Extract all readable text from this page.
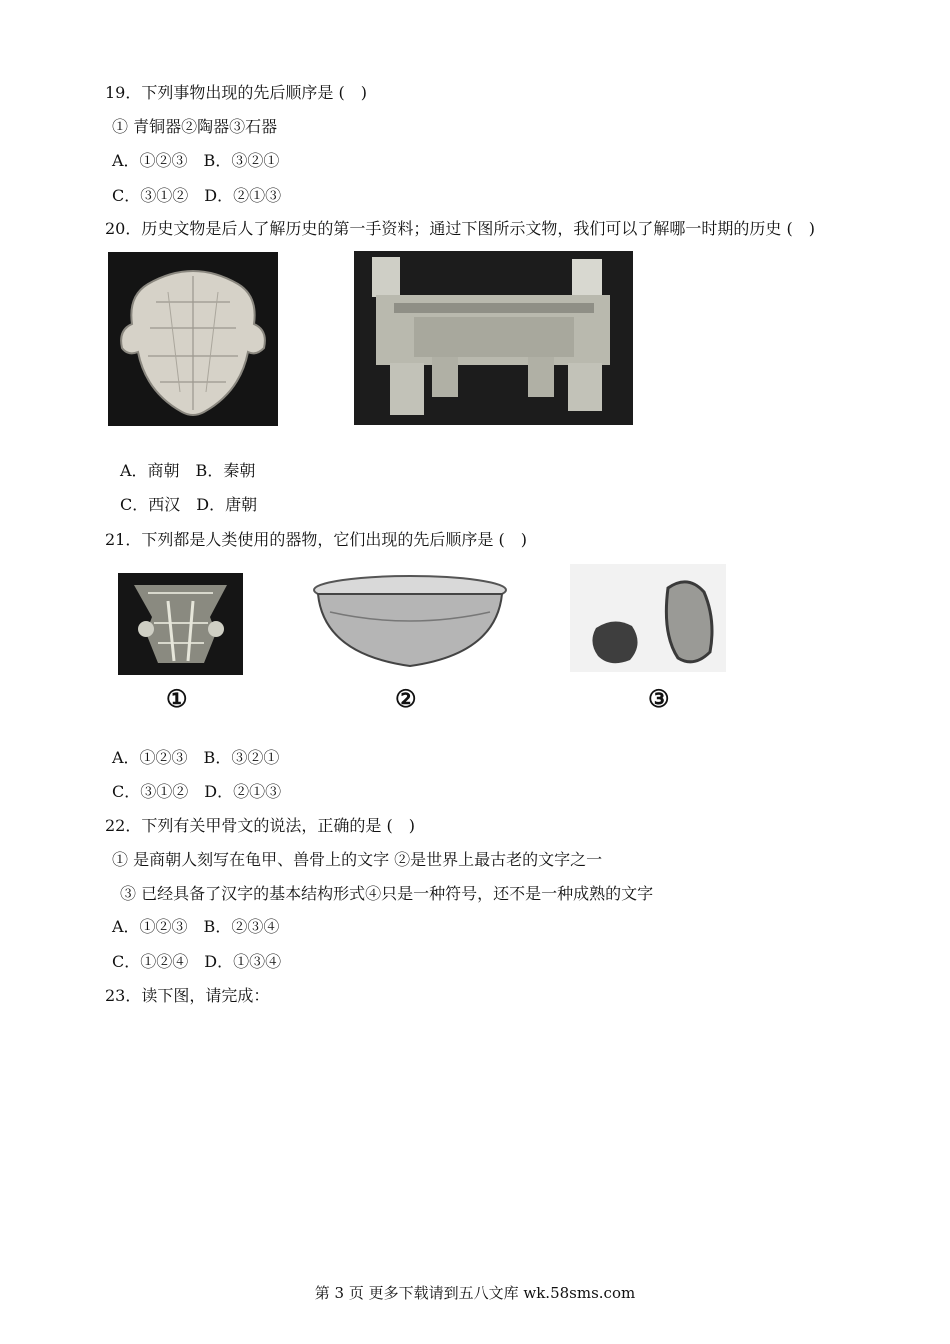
19．下列事物出现的先后顺序是 (　)
① 青铜器②陶器③石器
A．①②③　B．③②①
C．③①②　D．②①③
20．历史文物是后人了解历史的第一手资料；通过下图所示文物，我们可以了解哪一时期的历史 (　)
A．商朝　B．秦朝
C．西汉　D．唐朝
21．下列都是人类使用的器物，它们出现的先后顺序是 (　)
①	②	③
A．①②③　B．③②①
C．③①②　D．②①③
22．下列有关甲骨文的说法，正确的是 (　)
① 是商朝人刻写在龟甲、兽骨上的文字 ②是世界上最古老的文字之一
③ 已经具备了汉字的基本结构形式④只是一种符号，还不是一种成熟的文字
A．①②③　B．②③④
C．①②④　D．①③④
23．读下图，请完成：
第 3 页 更多下载请到五八文库 wk.58sms.com
